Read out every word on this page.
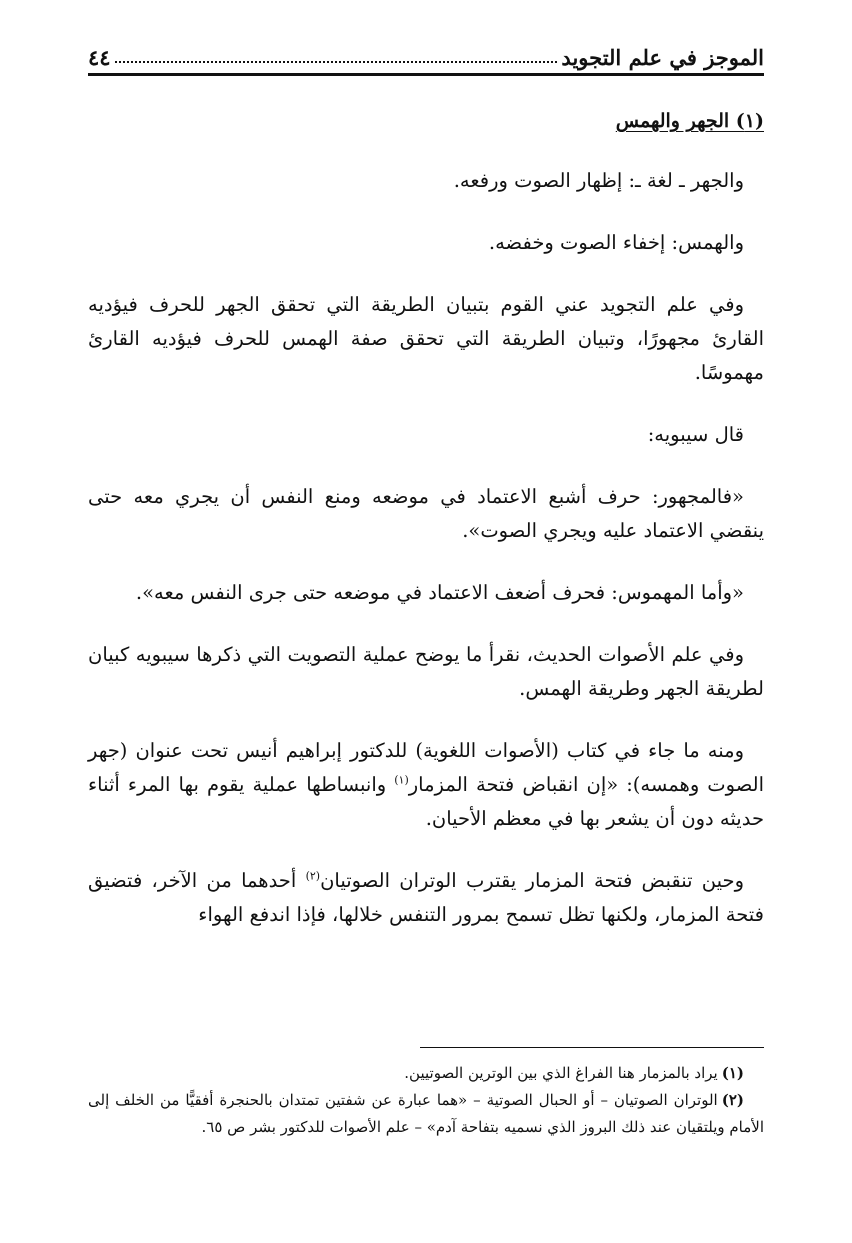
الموجز في علم التجويد
٤٤
(١) الجهر والهمس

والجهر ـ لغة ـ: إظهار الصوت ورفعه.

والهمس: إخفاء الصوت وخفضه.

وفي علم التجويد عني القوم بتبيان الطريقة التي تحقق الجهر للحرف فيؤديه القارئ مجهورًا، وتبيان الطريقة التي تحقق صفة الهمس للحرف فيؤديه القارئ مهموسًا.

قال سيبويه:

«فالمجهور: حرف أشبع الاعتماد في موضعه ومنع النفس أن يجري معه حتى ينقضي الاعتماد عليه ويجري الصوت».

«وأما المهموس: فحرف أضعف الاعتماد في موضعه حتى جرى النفس معه».

وفي علم الأصوات الحديث، نقرأ ما يوضح عملية التصويت التي ذكرها سيبويه كبيان لطريقة الجهر وطريقة الهمس.

ومنه ما جاء في كتاب (الأصوات اللغوية) للدكتور إبراهيم أنيس تحت عنوان (جهر الصوت وهمسه): «إن انقباض فتحة المزمار$^{(١)}$ وانبساطها عملية يقوم بها المرء أثناء حديثه دون أن يشعر بها في معظم الأحيان.

وحين تنقبض فتحة المزمار يقترب الوتران الصوتيان$^{(٢)}$ أحدهما من الآخر، فتضيق فتحة المزمار، ولكنها تظل تسمح بمرور التنفس خلالها، فإذا اندفع الهواء

(١)يراد بالمزمار هنا الفراغ الذي بين الوترين الصوتيين.

(٢)الوتران الصوتيان – أو الحبال الصوتية – «هما عبارة عن شفتين تمتدان بالحنجرة أفقيًّا من الخلف إلى الأمام ويلتقيان عند ذلك البروز الذي نسميه بتفاحة آدم» – علم الأصوات للدكتور بشر ص ٦٥.
